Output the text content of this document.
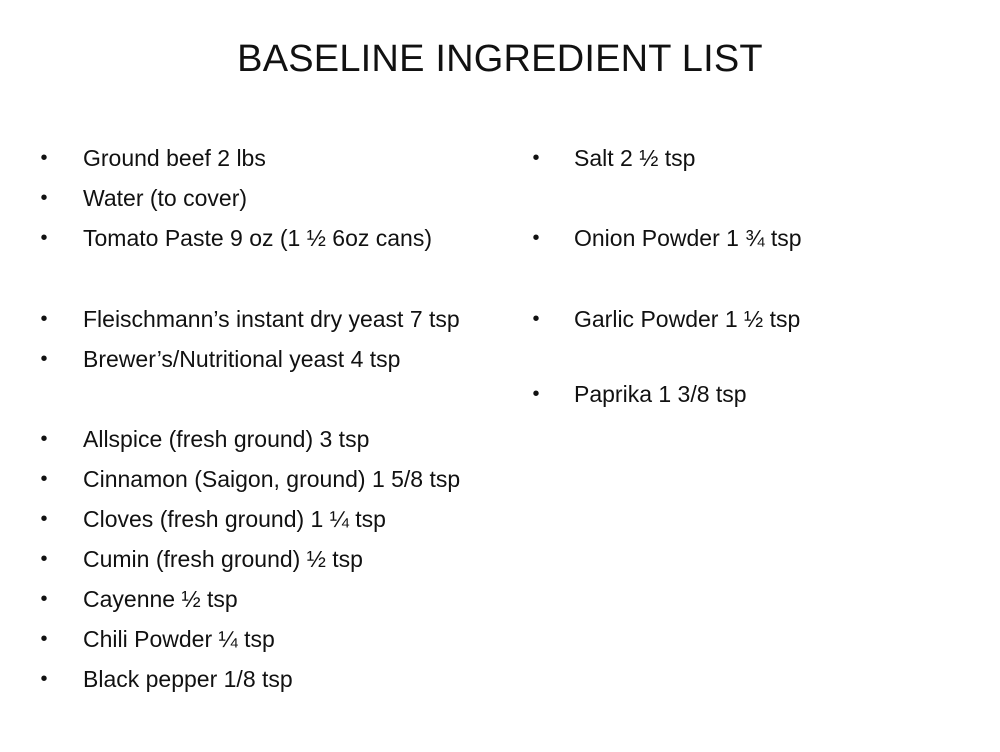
BASELINE INGREDIENT LIST
• Ground beef 2 lbs
• Water (to cover)
• Tomato Paste 9 oz (1 ½ 6oz cans)
• Fleischmann’s instant dry yeast 7 tsp
• Brewer’s/Nutritional yeast 4 tsp
• Allspice (fresh ground) 3 tsp
• Cinnamon (Saigon, ground) 1 5/8 tsp
• Cloves (fresh ground) 1 ¼ tsp
• Cumin (fresh ground) ½ tsp
• Cayenne ½ tsp
• Chili Powder ¼ tsp
• Black pepper 1/8 tsp
• Salt 2 ½ tsp
• Onion Powder 1 ¾ tsp
• Garlic Powder 1 ½ tsp
• Paprika 1 3/8 tsp
